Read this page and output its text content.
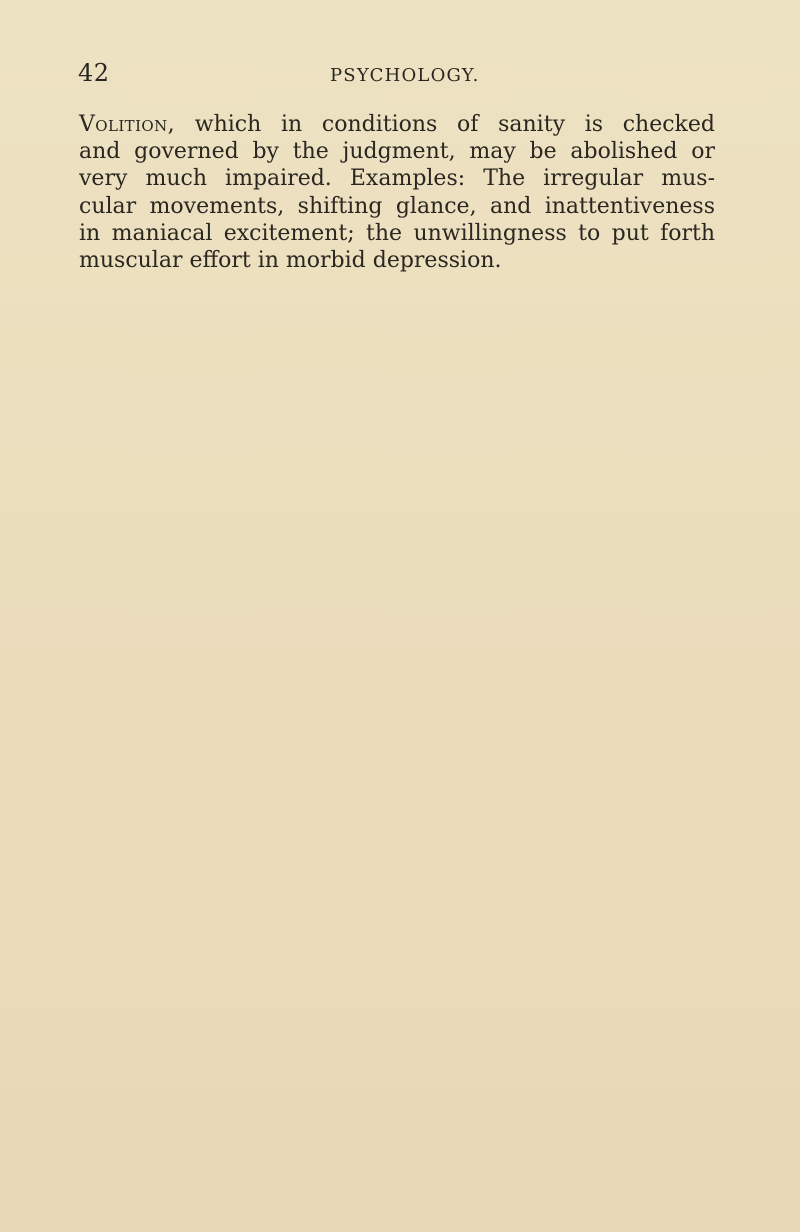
42	PSYCHOLOGY.
Volition, which in conditions of sanity is checked
and governed by the judgment, may be abolished or
very much impaired. Examples: The irregular mus-
cular movements, shifting glance, and inattentiveness
in maniacal excitement; the unwillingness to put forth
muscular effort in morbid depression.
